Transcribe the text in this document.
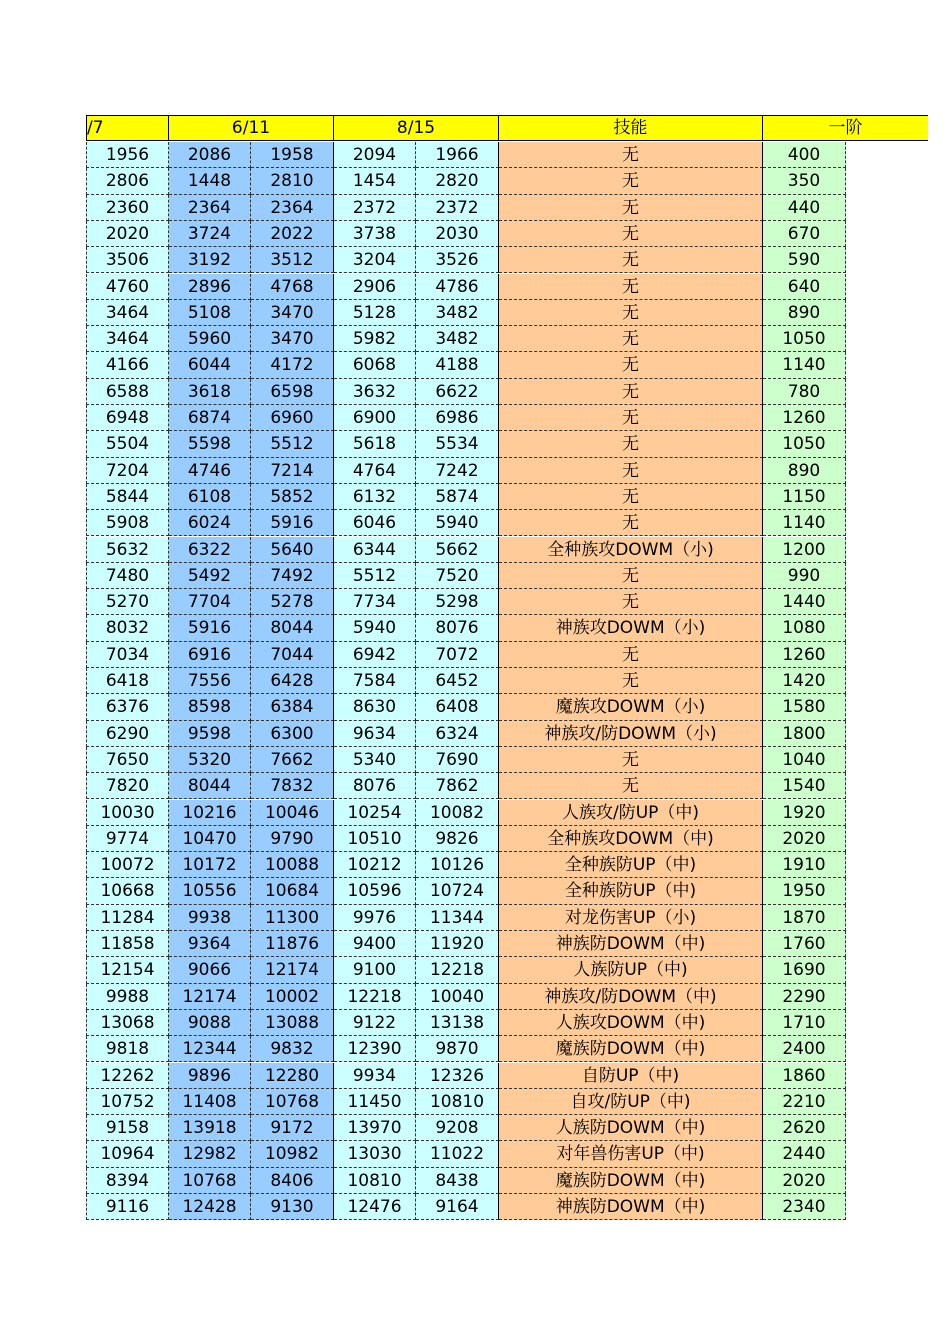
/7	6/11	8/15	技能	一阶
1956	2086	1958	2094	1966	无	400
2806	1448	2810	1454	2820	无	350
2360	2364	2364	2372	2372	无	440
2020	3724	2022	3738	2030	无	670
3506	3192	3512	3204	3526	无	590
4760	2896	4768	2906	4786	无	640
3464	5108	3470	5128	3482	无	890
3464	5960	3470	5982	3482	无	1050
4166	6044	4172	6068	4188	无	1140
6588	3618	6598	3632	6622	无	780
6948	6874	6960	6900	6986	无	1260
5504	5598	5512	5618	5534	无	1050
7204	4746	7214	4764	7242	无	890
5844	6108	5852	6132	5874	无	1150
5908	6024	5916	6046	5940	无	1140
5632	6322	5640	6344	5662	全种族攻DOWM（小)	1200
7480	5492	7492	5512	7520	无	990
5270	7704	5278	7734	5298	无	1440
8032	5916	8044	5940	8076	神族攻DOWM（小)	1080
7034	6916	7044	6942	7072	无	1260
6418	7556	6428	7584	6452	无	1420
6376	8598	6384	8630	6408	魔族攻DOWM（小)	1580
6290	9598	6300	9634	6324	神族攻/防DOWM（小)	1800
7650	5320	7662	5340	7690	无	1040
7820	8044	7832	8076	7862	无	1540
10030	10216	10046	10254	10082	人族攻/防UP（中)	1920
9774	10470	9790	10510	9826	全种族攻DOWM（中)	2020
10072	10172	10088	10212	10126	全种族防UP（中)	1910
10668	10556	10684	10596	10724	全种族防UP（中)	1950
11284	9938	11300	9976	11344	对龙伤害UP（小)	1870
11858	9364	11876	9400	11920	神族防DOWM（中)	1760
12154	9066	12174	9100	12218	人族防UP（中)	1690
9988	12174	10002	12218	10040	神族攻/防DOWM（中)	2290
13068	9088	13088	9122	13138	人族攻DOWM（中)	1710
9818	12344	9832	12390	9870	魔族防DOWM（中)	2400
12262	9896	12280	9934	12326	自防UP（中)	1860
10752	11408	10768	11450	10810	自攻/防UP（中)	2210
9158	13918	9172	13970	9208	人族防DOWM（中)	2620
10964	12982	10982	13030	11022	对年兽伤害UP（中)	2440
8394	10768	8406	10810	8438	魔族防DOWM（中)	2020
9116	12428	9130	12476	9164	神族防DOWM（中)	2340
